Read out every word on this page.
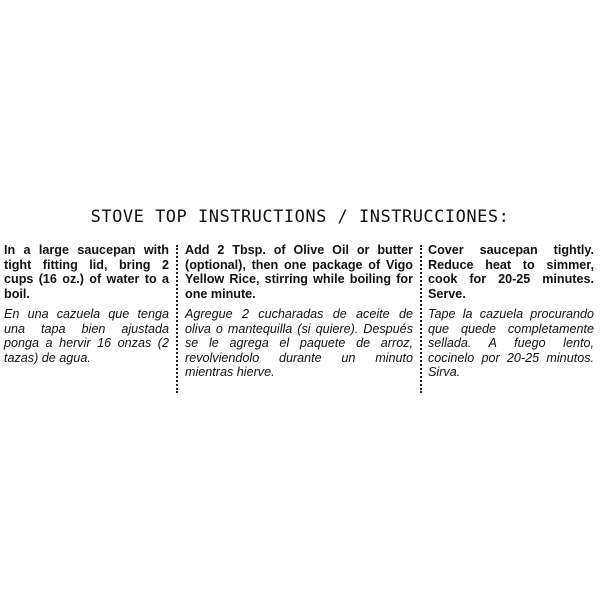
STOVE TOP INSTRUCTIONS / INSTRUCCIONES:

In a large saucepan with tight fitting lid, bring 2 cups (16 oz.) of water to a boil.

En una cazuela que tenga una tapa bien ajustada ponga a hervir 16 onzas (2 tazas) de agua.

Add 2 Tbsp. of Olive Oil or butter (optional), then one package of Vigo Yellow Rice, stirring while boiling for one minute.

Agregue 2 cucharadas de aceite de oliva o mantequilla (si quiere). Después se le agrega el paquete de arroz, revolviendolo durante un minuto mientras hierve.

Cover saucepan tightly. Reduce heat to simmer, cook for 20-25 minutes. Serve.

Tape la cazuela procurando que quede completamente sellada. A fuego lento, cocinelo por 20-25 minutos. Sirva.
